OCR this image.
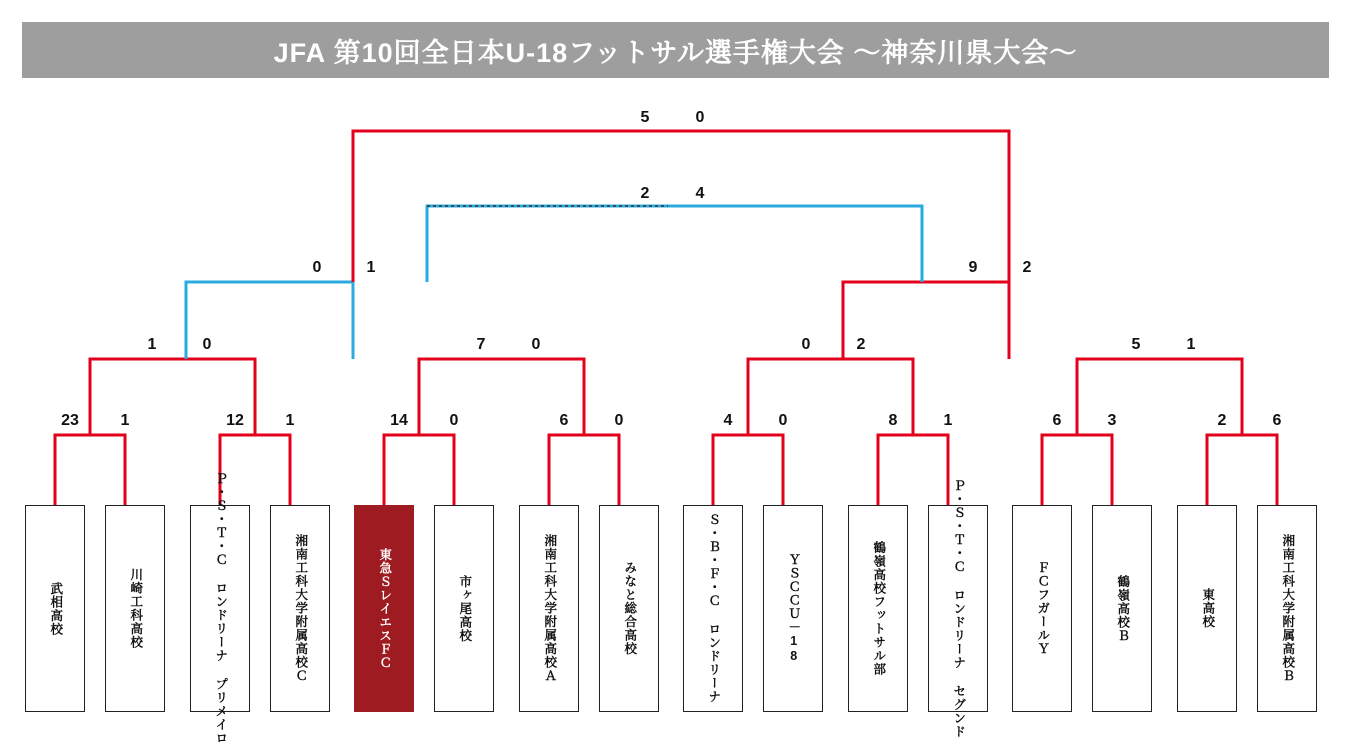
JFA 第10回全日本U-18フットサル選手権大会 ～神奈川県大会～
5	0
2	4
0	1	9	2
1	0	7	0	0	2	5	1
23	1	12	1	14	0	6	0	4	0	8	1	6	3	2	6
武相高校	川崎工科高校	Ｐ・Ｓ・Ｔ・Ｃ ロンドリーナ プリメイロ	湘南工科大学附属高校Ｃ	東急ＳレイエスＦＣ	市ヶ尾高校	湘南工科大学附属高校Ａ	みなと総合高校	Ｓ・Ｂ・Ｆ・Ｃ ロンドリーナ	ＹＳＣＣＵ－18	鶴嶺高校フットサル部	Ｐ・Ｓ・Ｔ・Ｃ ロンドリーナ セグンド	ＦＣフガールＹ	鶴嶺高校Ｂ	東高校	湘南工科大学附属高校Ｂ
